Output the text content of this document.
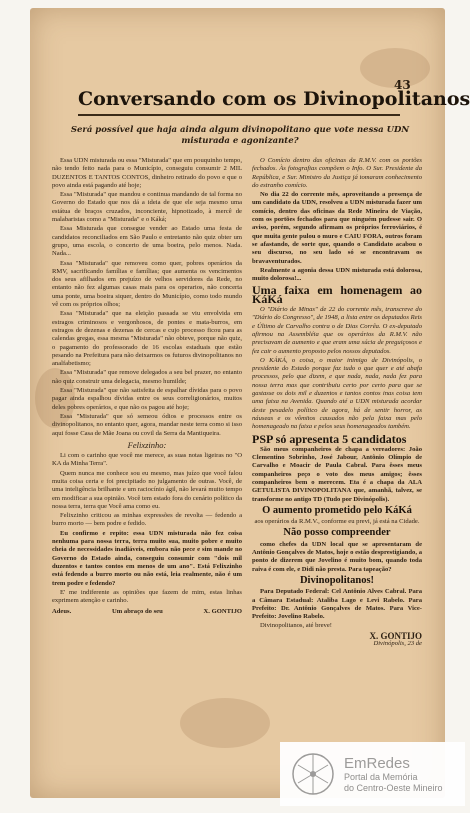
43
Conversando com os Divinopolitanos
Será possível que haja ainda algum divinopolitano que vote nessa UDN misturada e agonizante?

Essa UDN misturada ou essa "Misturada" que em pouquinho tempo, não tendo feito nada para o Município, conseguiu consumir 2 MIL DUZENTOS E TANTOS CONTOS, dinheiro retirado do povo e que o povo ainda está pagando até hoje;

Essa "Misturada" que mandou e continua mandando de tal forma no Governo do Estado que nos dá a ideia de que ele seja mesmo uma estátua de braços cruzados, inconciente, hipnotizado, à mercê de malabaristas como a "Misturada" e o Káká;

Essa Misturada que consegue vender ao Estado uma festa de candidatos reconciliados em São Paulo e entretanto não quiz obter um grupo, uma escola, o concerto de uma boeira, pelo menos. Nada. Nada...

Essa "Misturada" que removeu como quer, pobres operários da RMV, sacrificando famílias e famílias; que aumenta os vencimentos dos seus afilhados em prejuízo de velhos servidores da Rede, no entanto não fez algumas casas mais para os operarios, não concerta uma ponte, uma boeira siquer, dentro do Município, como todo mundo vê com os próprios olhos;

Essa "Misturada" que na eleição passada se viu envolvida em estragos criminosos e vergonhosos, de pontes e mata-burros, em estragos de dezenas e dezenas de cercas e cujo processo ficou para as calendas gregas, essa mesma "Misturada" não obteve, porque não quiz, o pagamento do professorado de 16 escolas estaduais que estão pesando na Prefeitura para não deixarmos os futuros divinopolitanos no analfabetismo;

Essa "Misturada" que remove delegados a seu bel prazer, no entanto não quiz construir uma delegacia, mesmo humilde;

Essa "Misturada" que não satisfeita de espalhar dívidas para o povo pagar ainda espalhou dívidas entre os seus correligionários, muitos deles pobres operários, e que não os pagou até hoje;

Essa "Misturada" que só semeou ódios e processos entre os divinopolitanos, no entanto quer, agora, mandar neste terra como si isso aqui fosse Casa de Mãe Joana ou covil da Serra da Mantiqueira.

Felixzinho:

Li com o carinho que você me merece, as suas notas ligeiras no "O KA da Minha Terra".

Quem nunca me conhece sou eu mesmo, mas juízo que você falou muita coisa certa e foi precipitado no julgamento de outras. Você, de uma inteligência brilhante e um raciocínio ágil, não levará muito tempo em modificar a sua opinião. Você tem estado fora do cenário político da nossa terra, terra que Você ama como eu.

Felixzinho criticou as minhas expressões de revolta — fedendo a burro morto — bem podre e fedido.

Eu confirmo e repito: essa UDN misturada não fez coisa nenhuma para nossa terra, terra muito sua, muito pobre e muito cheia de necessidades inadiáveis, embora não pece e sim mande no Governo do Estado ainda, conseguiu consumir com "dois mil duzentos e tantos contos em menos de um ano". Está Felixzinho está fedendo a burro morto ou não está, leia realmente, não é um trem podre e fedendo?

E' me indiferente as opiniões que fazem de mim, estas linhas exprimem atenção e carinho.

Adeus.	Um abraço do seu	X. GONTIJO

O Comício dentro das oficinas da R.M.V. com os portões fechados. Às fotografias compõem o Info. O Sur. Presidente da República, e Sur. Ministro da Justiça já tomaram conhecimento do estranho comício.

No dia 22 do corrente mês, aproveitando a presença de um candidato da UDN, resolveu a UDN misturada fazer um comício, dentro das oficinas da Rede Mineira de Viação, com os portões fechados para que ninguém pudesse sair. O aviso, porém, segundo afirmam os próprios ferroviários, é que muita gente pulou o muro e CAIU FORA, outros foram se afastando, de sorte que, quando o Candidato acabou o seu discurso, no seu lado só se encontravam os bravaventurados.

Realmente a agonia dessa UDN misturada está dolorosa, muito dolorosa!...

Uma faixa em homenagem ao KáKá

O "Diário de Minas" de 22 do corrente mês, transcreve do "Diário do Congresso", de 1948, a lista entre os deputados Reis e Último de Carvalho contra o de Dias Corrêa. O ex-deputado afirmou na Assembléia que os operários da R.M.V. não precisavam de aumento e que eram uma súcia de preguiçosos e fez cair o aumento proposto pelos nossos deputados.

O KÁKÁ, o coisa, o maior inimigo de Divinópolis, o presidente do Estado porque faz tudo o que quer e até abafa processos, pelo que dizem, e que nada, nada, nada fez para nossa terra mas que contribuiu certo por certo para que se gastasse os dois mil e duzentos e tantos contos inas coisa tem uma faixa na Avenida. Quando até a UDN misturada acordar deste pesadelo político de agora, há de sentir horror, as náuseas e os vômitos causados não pela faixa mas pelo homenageado na faixa e pelos seus homenageados também.

PSP só apresenta 5 candidatos

São meus companheiros de chapa a vereadores: João Clementino Sobrinho, José Jabour, Antônio Olímpio de Carvalho e Moacir de Paula Cabral. Para êsses meus companheiros peço o voto dos meus amigos; êsses companheiros bem o merecem. Eta é a chapa da ALA GETULISTA DIVINOPOLITANA que, amanhã, talvez, se transforme no antigo TD (Tudo por Divinópolis).

O aumento prometido pelo KáKá

aos operários da R.M.V., conforme eu previ, já está na Cidade.

Não posso compreender

como chefes da UDN local que se apresentaram de Antônio Gonçalves de Matos, hoje o estão desprestigiando, a ponto de dizerem que Jovelino é muito bom, quando toda raiva é com ele, e Didi não presta. Para tapeação?

Divinopolitanos!

Para Deputado Federal: Cel Antônio Alves Cabral. Para a Câmara Estadual: Ataliba Lago e Levi Rabelo. Para Prefeito: Dr. Antônio Gonçalves de Matos. Para Vice-Prefeito: Jovelino Rabelo.

Divinopolitanos, até breve!

X. GONTIJO
Divinópolis, 23 de
EmRedes
Portal da Memória
do Centro-Oeste Mineiro
